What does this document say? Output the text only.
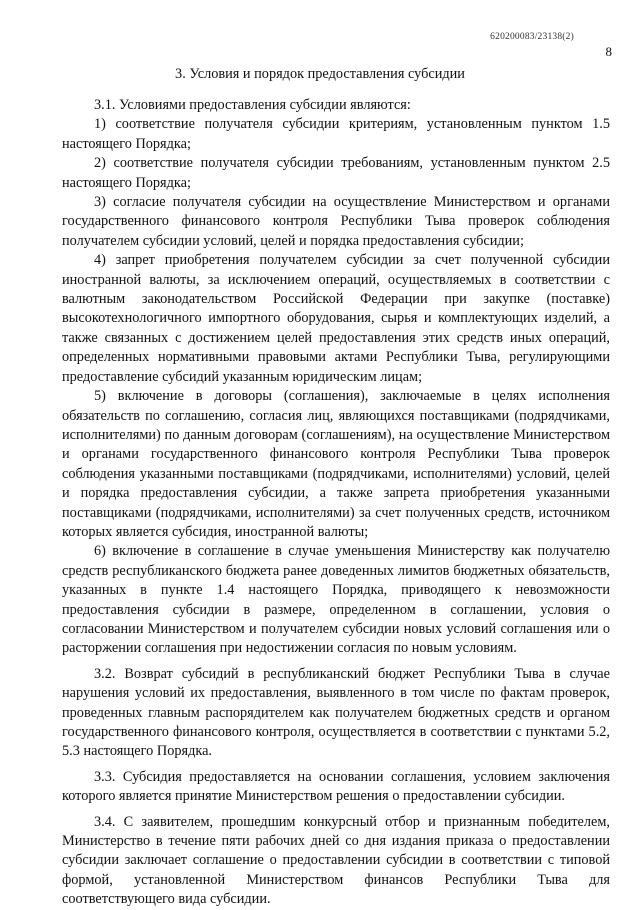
620200083/23138(2)
8
3. Условия и порядок предоставления субсидии

3.1. Условиями предоставления субсидии являются:

1) соответствие получателя субсидии критериям, установленным пунктом 1.5 настоящего Порядка;

2) соответствие получателя субсидии требованиям, установленным пунктом 2.5 настоящего Порядка;

3) согласие получателя субсидии на осуществление Министерством и органами государственного финансового контроля Республики Тыва проверок соблюдения получателем субсидии условий, целей и порядка предоставления субсидии;

4) запрет приобретения получателем субсидии за счет полученной субсидии иностранной валюты, за исключением операций, осуществляемых в соответствии с валютным законодательством Российской Федерации при закупке (поставке) высокотехнологичного импортного оборудования, сырья и комплектующих изделий, а также связанных с достижением целей предоставления этих средств иных операций, определенных нормативными правовыми актами Республики Тыва, регулирующими предоставление субсидий указанным юридическим лицам;

5) включение в договоры (соглашения), заключаемые в целях исполнения обязательств по соглашению, согласия лиц, являющихся поставщиками (подрядчиками, исполнителями) по данным договорам (соглашениям), на осуществление Министерством и органами государственного финансового контроля Республики Тыва проверок соблюдения указанными поставщиками (подрядчиками, исполнителями) условий, целей и порядка предоставления субсидии, а также запрета приобретения указанными поставщиками (подрядчиками, исполнителями) за счет полученных средств, источником которых является субсидия, иностранной валюты;

6) включение в соглашение в случае уменьшения Министерству как получателю средств республиканского бюджета ранее доведенных лимитов бюджетных обязательств, указанных в пункте 1.4 настоящего Порядка, приводящего к невозможности предоставления субсидии в размере, определенном в соглашении, условия о согласовании Министерством и получателем субсидии новых условий соглашения или о расторжении соглашения при недостижении согласия по новым условиям.

3.2. Возврат субсидий в республиканский бюджет Республики Тыва в случае нарушения условий их предоставления, выявленного в том числе по фактам проверок, проведенных главным распорядителем как получателем бюджетных средств и органом государственного финансового контроля, осуществляется в соответствии с пунктами 5.2, 5.3 настоящего Порядка.

3.3. Субсидия предоставляется на основании соглашения, условием заключения которого является принятие Министерством решения о предоставлении субсидии.

3.4. С заявителем, прошедшим конкурсный отбор и признанным победителем, Министерство в течение пяти рабочих дней со дня издания приказа о предоставлении субсидии заключает соглашение о предоставлении субсидии в соответствии с типовой формой, установленной Министерством финансов Республики Тыва для соответствующего вида субсидии.
